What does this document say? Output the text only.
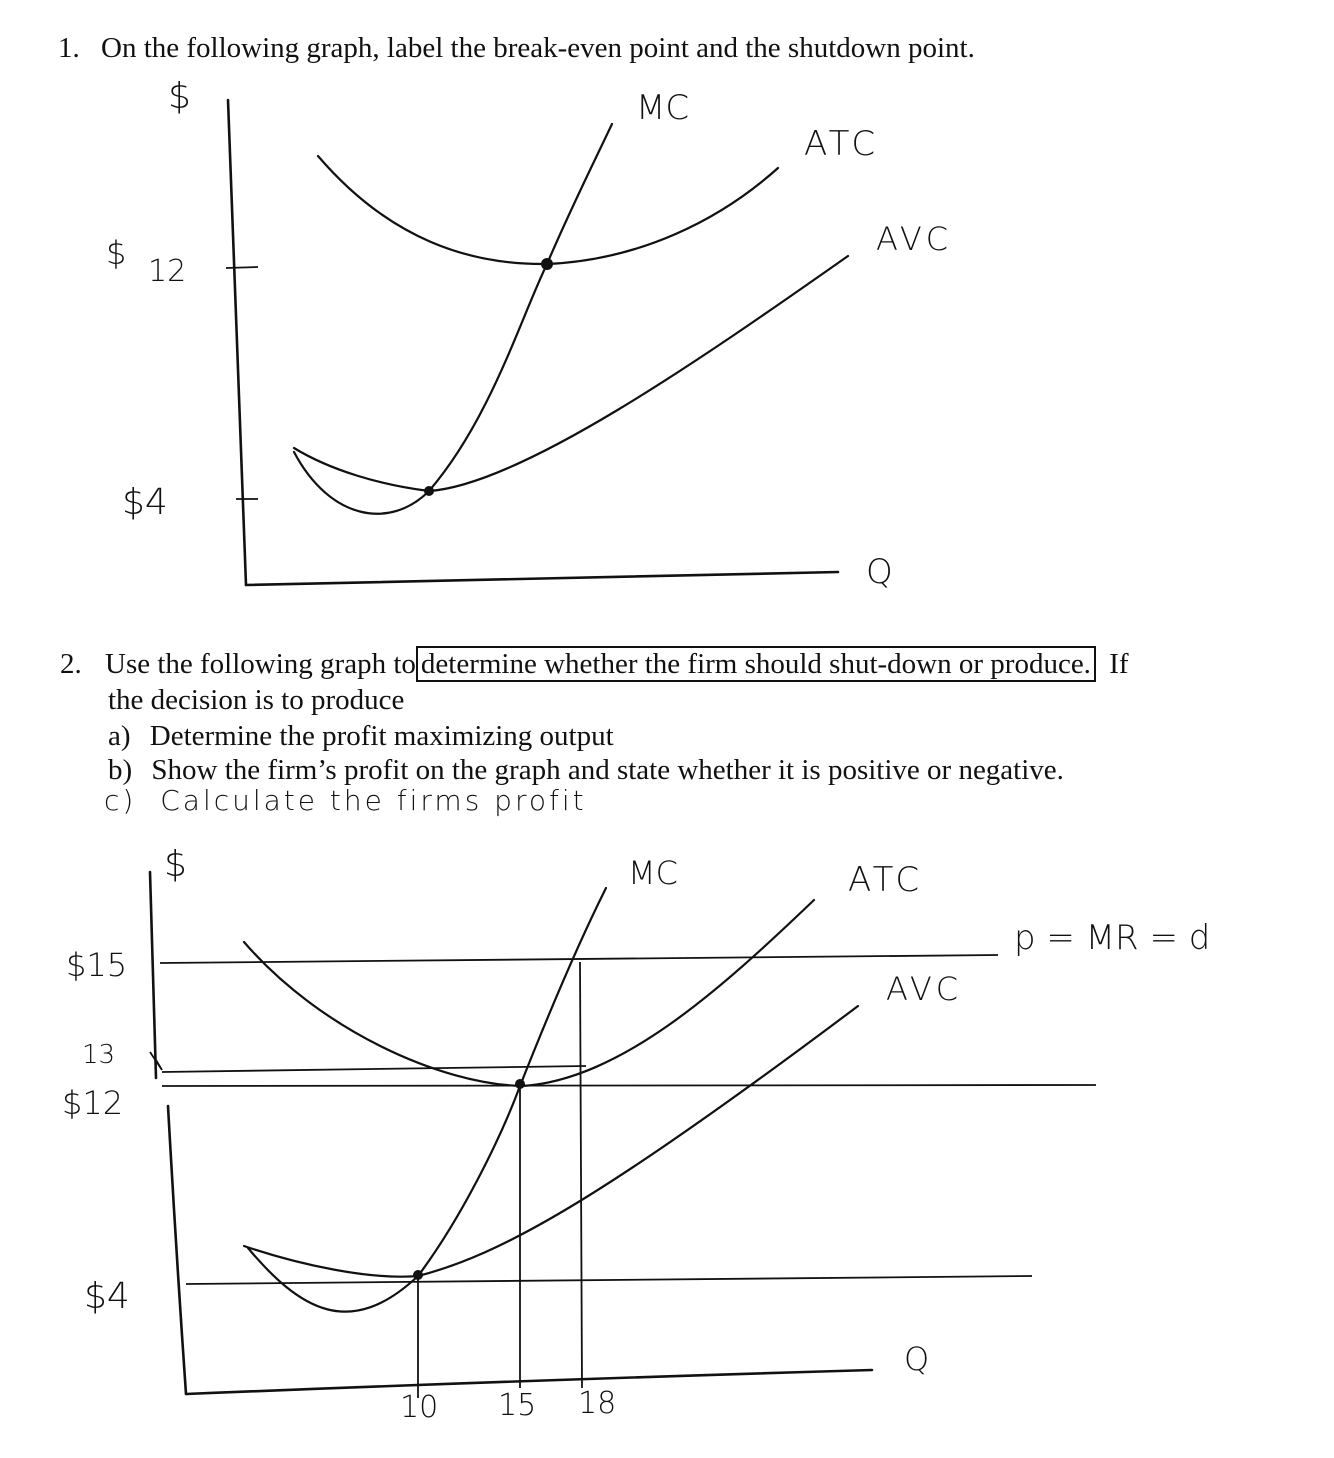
1. On the following graph, label the break-even point and the shutdown point.
$
$ 12
$4
MC
ATC
AVC
Q
2. Use the following graph to determine whether the firm should shut-down or produce. If
the decision is to produce
a) Determine the profit maximizing output
b) Show the firm’s profit on the graph and state whether it is positive or negative.
c) Calculate the firms profit
$
$15
13
$12
$4
MC	ATC
AVC
p = MR = d
Q
10 15 18
